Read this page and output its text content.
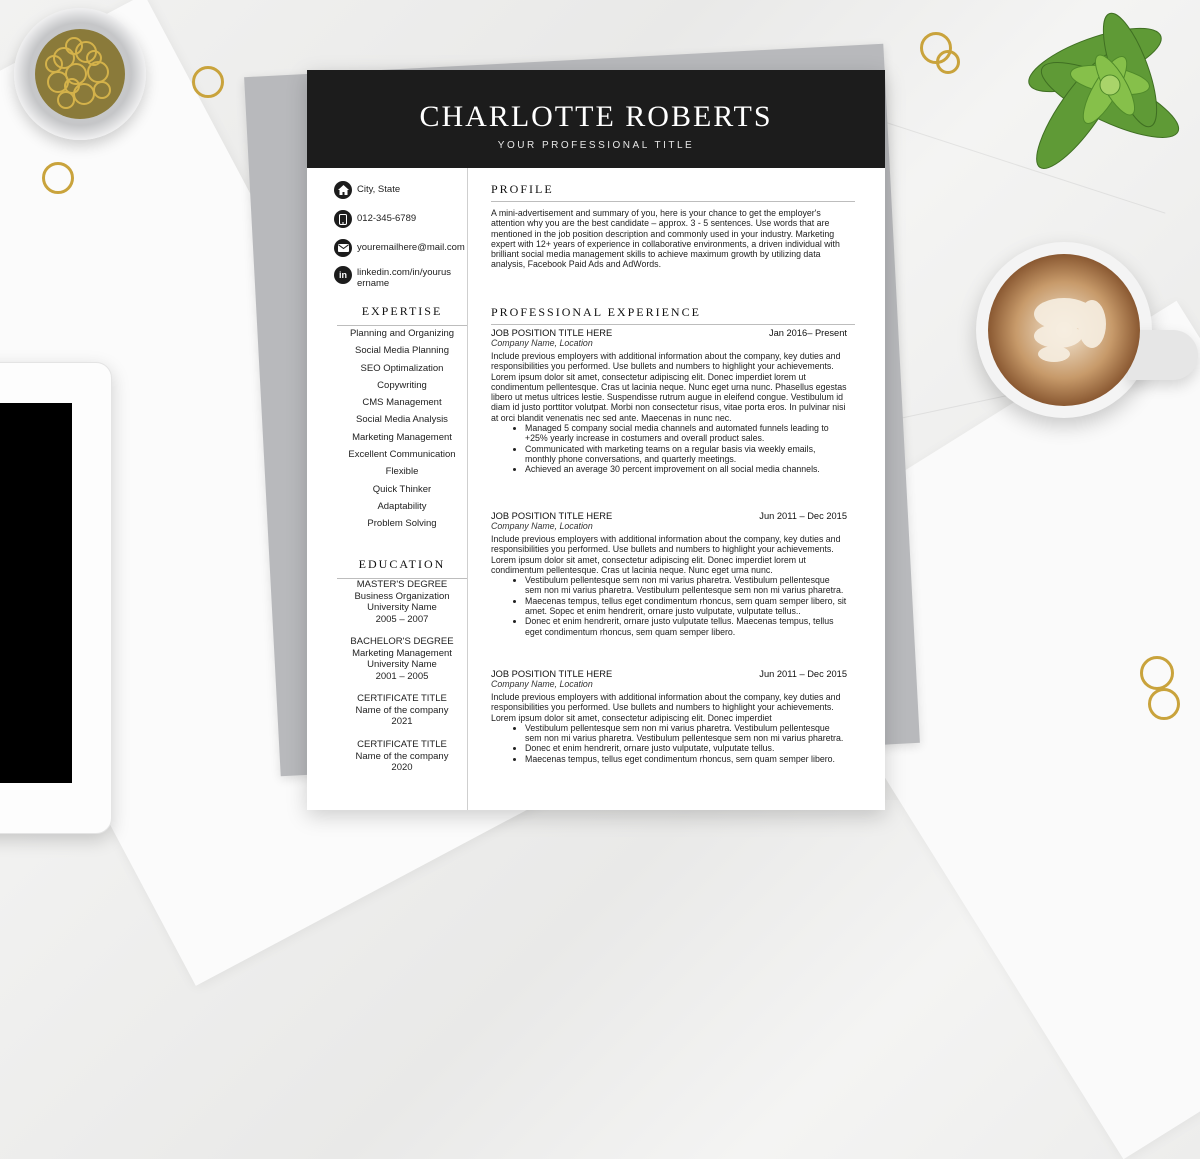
CHARLOTTE ROBERTS
YOUR PROFESSIONAL TITLE
City, State
012-345-6789
youremailhere@mail.com
in	linkedin.com/in/yourusername
EXPERTISE
Planning and Organizing
Social Media Planning
SEO Optimalization
Copywriting
CMS Management
Social Media Analysis
Marketing Management
Excellent Communication
Flexible
Quick Thinker
Adaptability
Problem Solving
EDUCATION
MASTER'S DEGREE
Business Organization
University Name
2005 – 2007
BACHELOR'S DEGREE
Marketing Management
University Name
2001 – 2005
CERTIFICATE TITLE
Name of the company
2021
CERTIFICATE TITLE
Name of the company
2020
PROFILE
A mini-advertisement and summary of you, here is your chance to get the employer's attention why you are the best candidate – approx. 3 - 5 sentences. Use words that are mentioned in the job position description and commonly used in your industry. Marketing expert with 12+ years of experience in collaborative environments, a driven individual with brilliant social media management skills to achieve maximum growth by utilizing data analysis, Facebook Paid Ads and AdWords.
PROFESSIONAL EXPERIENCE
JOB POSITION TITLE HERE	Jan 2016– Present
Company Name, Location
Include previous employers with additional information about the company, key duties and responsibilities you performed. Use bullets and numbers to highlight your achievements. Lorem ipsum dolor sit amet, consectetur adipiscing elit. Donec imperdiet lorem ut condimentum pellentesque. Cras ut lacinia neque. Nunc eget urna nunc. Phasellus egestas libero ut metus ultrices lestie. Suspendisse rutrum augue in eleifend congue. Vestibulum id diam id justo porttitor volutpat. Morbi non consectetur risus, vitae porta eros. In pulvinar nisi at orci blandit venenatis nec sed ante. Maecenas in nunc nec.
• Managed 5 company social media channels and automated funnels leading to +25% yearly increase in costumers and overall product sales.
• Communicated with marketing teams on a regular basis via weekly emails, monthly phone conversations, and quarterly meetings.
• Achieved an average 30 percent improvement on all social media channels.
JOB POSITION TITLE HERE	Jun 2011 – Dec 2015
Company Name, Location
Include previous employers with additional information about the company, key duties and responsibilities you performed. Use bullets and numbers to highlight your achievements. Lorem ipsum dolor sit amet, consectetur adipiscing elit. Donec imperdiet lorem ut condimentum pellentesque. Cras ut lacinia neque. Nunc eget urna nunc.
• Vestibulum pellentesque sem non mi varius pharetra. Vestibulum pellentesque sem non mi varius pharetra. Vestibulum pellentesque sem non mi varius pharetra.
• Maecenas tempus, tellus eget condimentum rhoncus, sem quam semper libero, sit amet. Sopec et enim hendrerit, ornare justo vulputate, vulputate tellus..
• Donec et enim hendrerit, ornare justo vulputate tellus. Maecenas tempus, tellus eget condimentum rhoncus, sem quam semper libero.
JOB POSITION TITLE HERE	Jun 2011 – Dec 2015
Company Name, Location
Include previous employers with additional information about the company, key duties and responsibilities you performed. Use bullets and numbers to highlight your achievements. Lorem ipsum dolor sit amet, consectetur adipiscing elit. Donec imperdiet
• Vestibulum pellentesque sem non mi varius pharetra. Vestibulum pellentesque sem non mi varius pharetra. Vestibulum pellentesque sem non mi varius pharetra.
• Donec et enim hendrerit, ornare justo vulputate, vulputate tellus.
• Maecenas tempus, tellus eget condimentum rhoncus, sem quam semper libero.
